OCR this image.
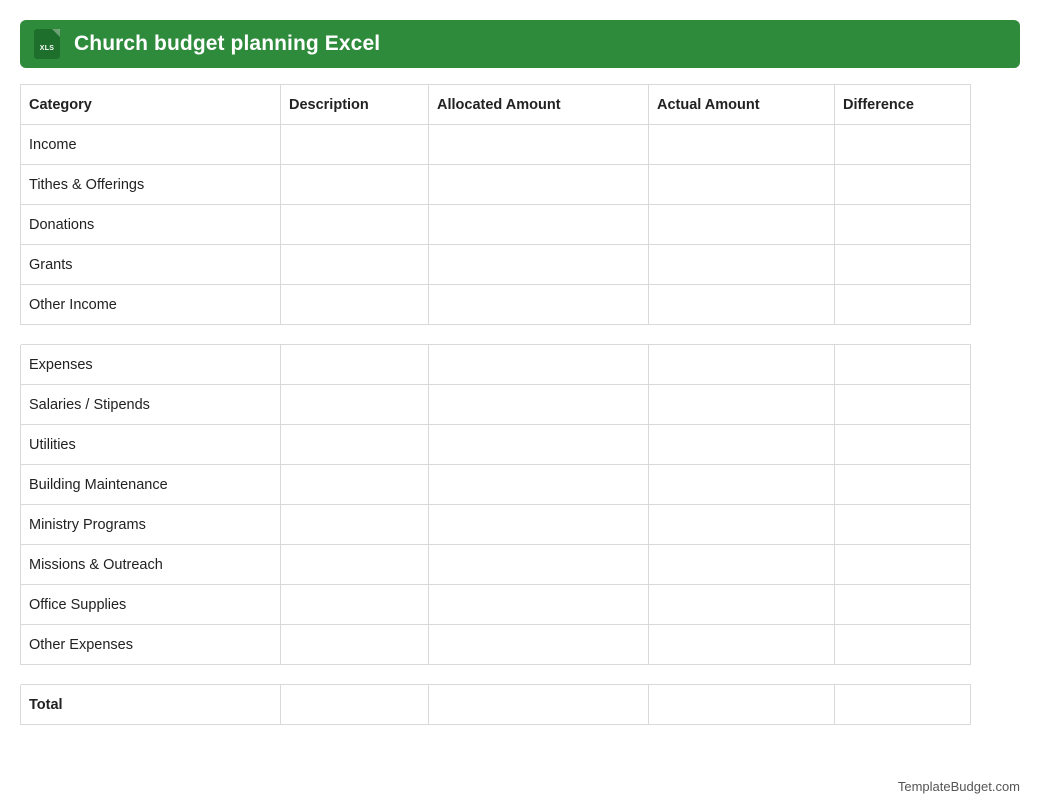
XLS Church budget planning Excel
Category	Description	Allocated Amount	Actual Amount	Difference
Income				
Tithes & Offerings				
Donations				
Grants				
Other Income				

Expenses				
Salaries / Stipends				
Utilities				
Building Maintenance				
Ministry Programs				
Missions & Outreach				
Office Supplies				
Other Expenses				

Total				
TemplateBudget.com
